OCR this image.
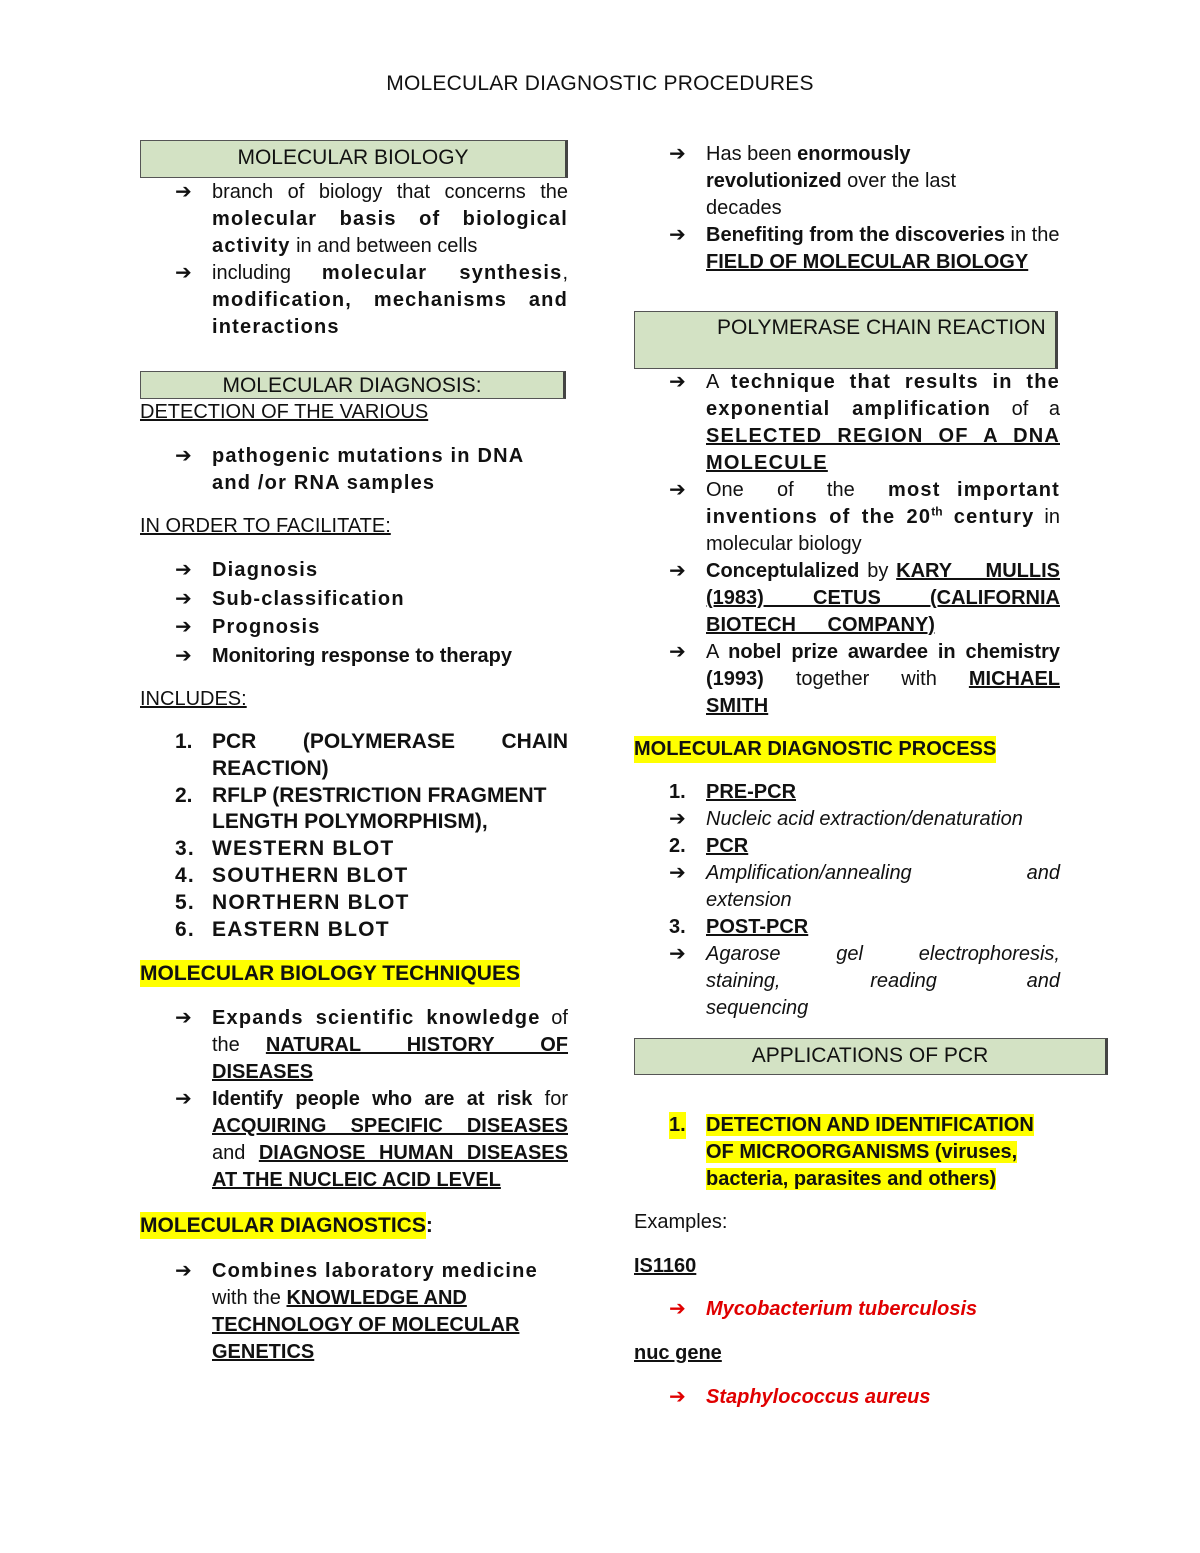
MOLECULAR DIAGNOSTIC PROCEDURES
MOLECULAR BIOLOGY
➔ branch of biology that concerns the molecular basis of biological activity in and between cells
➔ including molecular synthesis, modification, mechanisms and interactions
MOLECULAR DIAGNOSIS:
DETECTION OF THE VARIOUS
➔ pathogenic mutations in DNA and /or RNA samples
IN ORDER TO FACILITATE:
➔ Diagnosis
➔ Sub-classification
➔ Prognosis
➔ Monitoring response to therapy
INCLUDES:
1. PCR (POLYMERASE CHAIN REACTION)
2. RFLP (RESTRICTION FRAGMENT LENGTH POLYMORPHISM),
3. WESTERN BLOT
4. SOUTHERN BLOT
5. NORTHERN BLOT
6. EASTERN BLOT
MOLECULAR BIOLOGY TECHNIQUES
➔ Expands scientific knowledge of the NATURAL HISTORY OF DISEASES
➔ Identify people who are at risk for ACQUIRING SPECIFIC DISEASES and DIAGNOSE HUMAN DISEASES AT THE NUCLEIC ACID LEVEL
MOLECULAR DIAGNOSTICS:
➔ Combines laboratory medicine with the KNOWLEDGE AND TECHNOLOGY OF MOLECULAR GENETICS
➔ Has been enormously revolutionized over the last decades
➔ Benefiting from the discoveries in the FIELD OF MOLECULAR BIOLOGY
POLYMERASE CHAIN REACTION
➔ A technique that results in the exponential amplification of a SELECTED REGION OF A DNA MOLECULE
➔ One of the most important inventions of the 20th century in molecular biology
➔ Conceptulalized by KARY MULLIS (1983) CETUS (CALIFORNIA BIOTECH COMPANY)
➔ A nobel prize awardee in chemistry (1993) together with MICHAEL SMITH
MOLECULAR DIAGNOSTIC PROCESS
1. PRE-PCR
➔ Nucleic acid extraction/denaturation
2. PCR
➔ Amplification/annealing and extension
3. POST-PCR
➔ Agarose gel electrophoresis, staining, reading and sequencing
APPLICATIONS OF PCR
1. DETECTION AND IDENTIFICATION OF MICROORGANISMS (viruses, bacteria, parasites and others)
Examples:
IS1160
➔ Mycobacterium tuberculosis
nuc gene
➔ Staphylococcus aureus
